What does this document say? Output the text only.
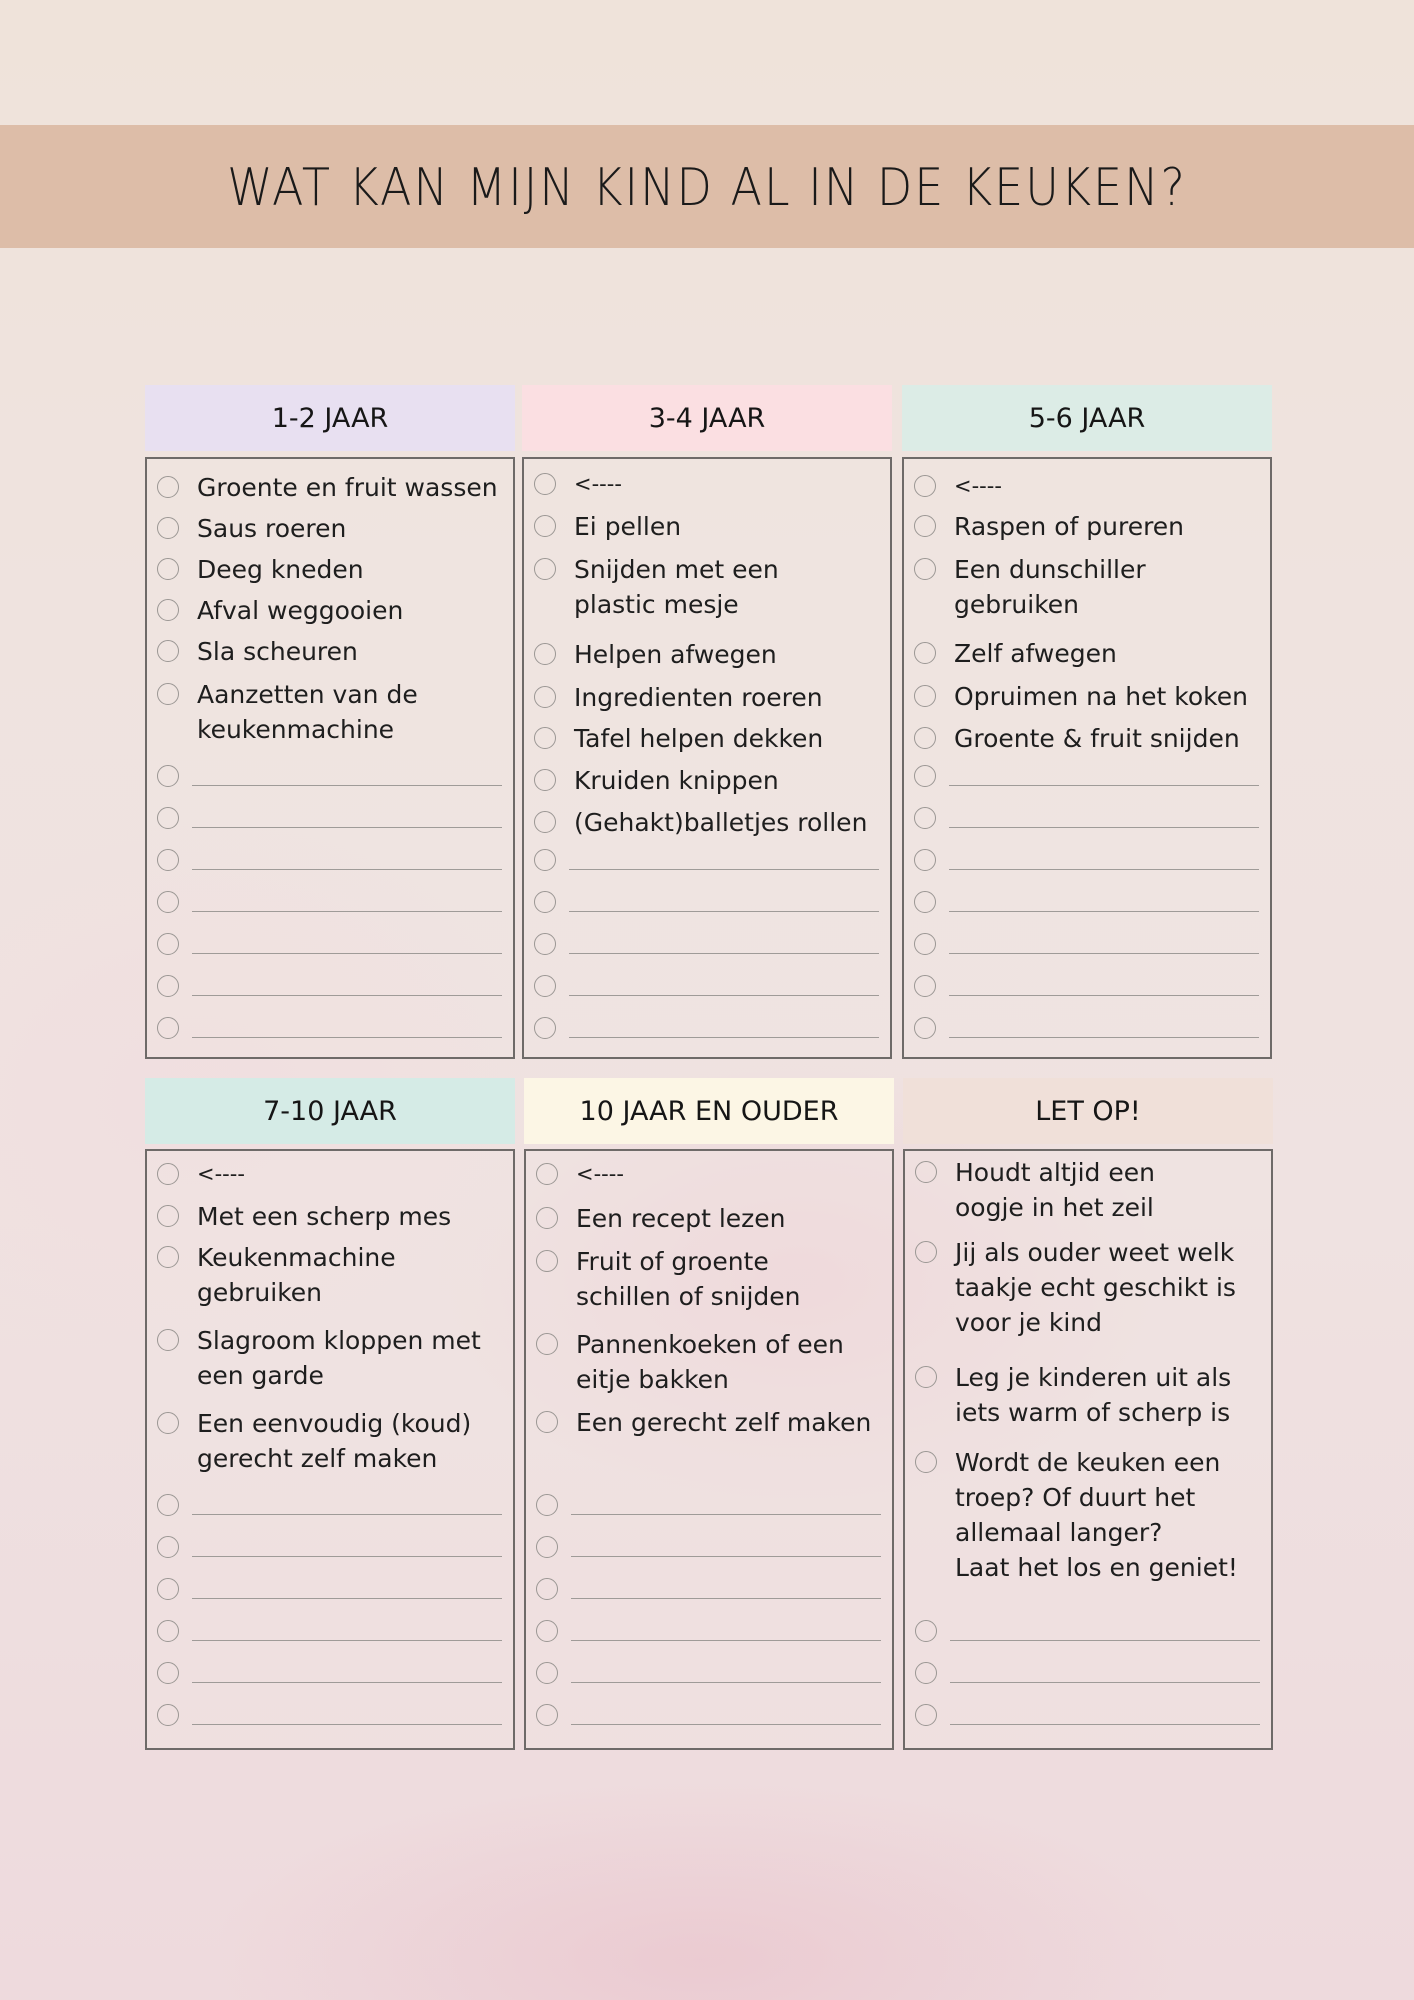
WAT KAN MIJN KIND AL IN DE KEUKEN?
1-2 JAAR
Groente en fruit wassen
Saus roeren
Deeg kneden
Afval weggooien
Sla scheuren
Aanzetten van de
keukenmachine
3-4 JAAR
<----
Ei pellen
Snijden met een
plastic mesje
Helpen afwegen
Ingredienten roeren
Tafel helpen dekken
Kruiden knippen
(Gehakt)balletjes rollen
5-6 JAAR
<----
Raspen of pureren
Een dunschiller
gebruiken
Zelf afwegen
Opruimen na het koken
Groente & fruit snijden
7-10 JAAR
<----
Met een scherp mes
Keukenmachine
gebruiken
Slagroom kloppen met
een garde
Een eenvoudig (koud)
gerecht zelf maken
10 JAAR EN OUDER
<----
Een recept lezen
Fruit of groente
schillen of snijden
Pannenkoeken of een
eitje bakken
Een gerecht zelf maken
LET OP!
Houdt altjid een
oogje in het zeil
Jij als ouder weet welk
taakje echt geschikt is
voor je kind
Leg je kinderen uit als
iets warm of scherp is
Wordt de keuken een
troep? Of duurt het
allemaal langer?
Laat het los en geniet!
